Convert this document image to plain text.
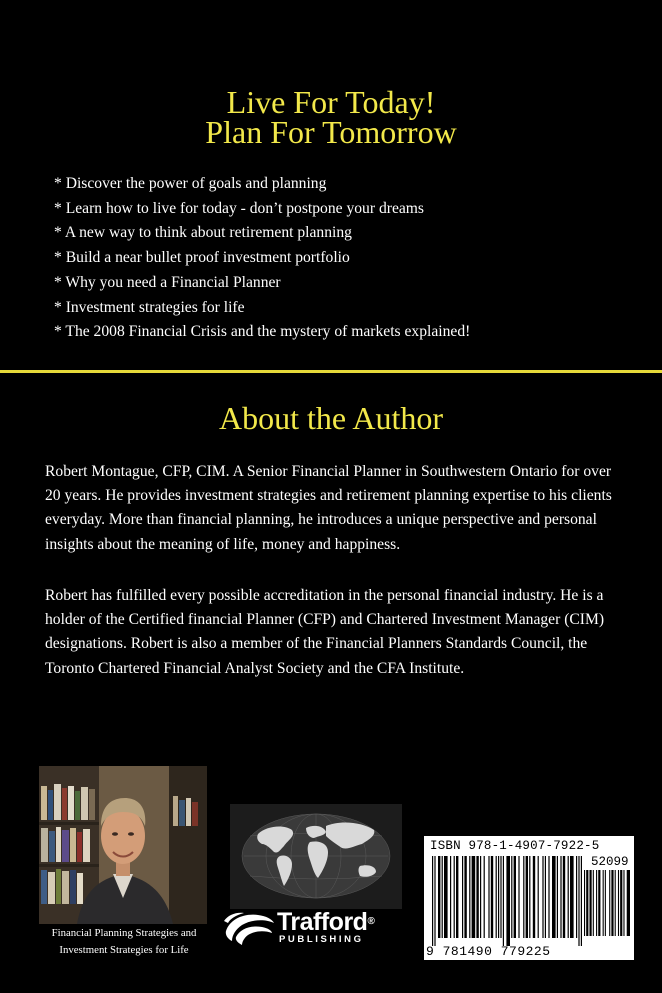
Live For Today!
Plan For Tomorrow
* Discover the power of goals and planning
* Learn how to live for today - don’t postpone your dreams
* A new way to think about retirement planning
* Build a near bullet proof investment portfolio
* Why you need a Financial Planner
* Investment strategies for life
* The 2008 Financial Crisis and the mystery of markets explained!
About the Author

Robert Montague, CFP, CIM. A Senior Financial Planner in Southwestern Ontario for over 20 years. He provides investment strategies and retirement planning expertise to his clients everyday. More than financial planning, he introduces a unique perspective and personal insights about the meaning of life, money and happiness.

Robert has fulfilled every possible accreditation in the personal financial industry. He is a holder of the Certified financial Planner (CFP) and Chartered Investment Manager (CIM) designations. Robert is also a member of the Financial Planners Standards Council, the Toronto Chartered Financial Analyst Society and the CFA Institute.

Financial Planning Strategies and
Investment Strategies for Life
Trafford®
PUBLISHING
ISBN 978-1-4907-7922-5
52099
9 781490 779225
